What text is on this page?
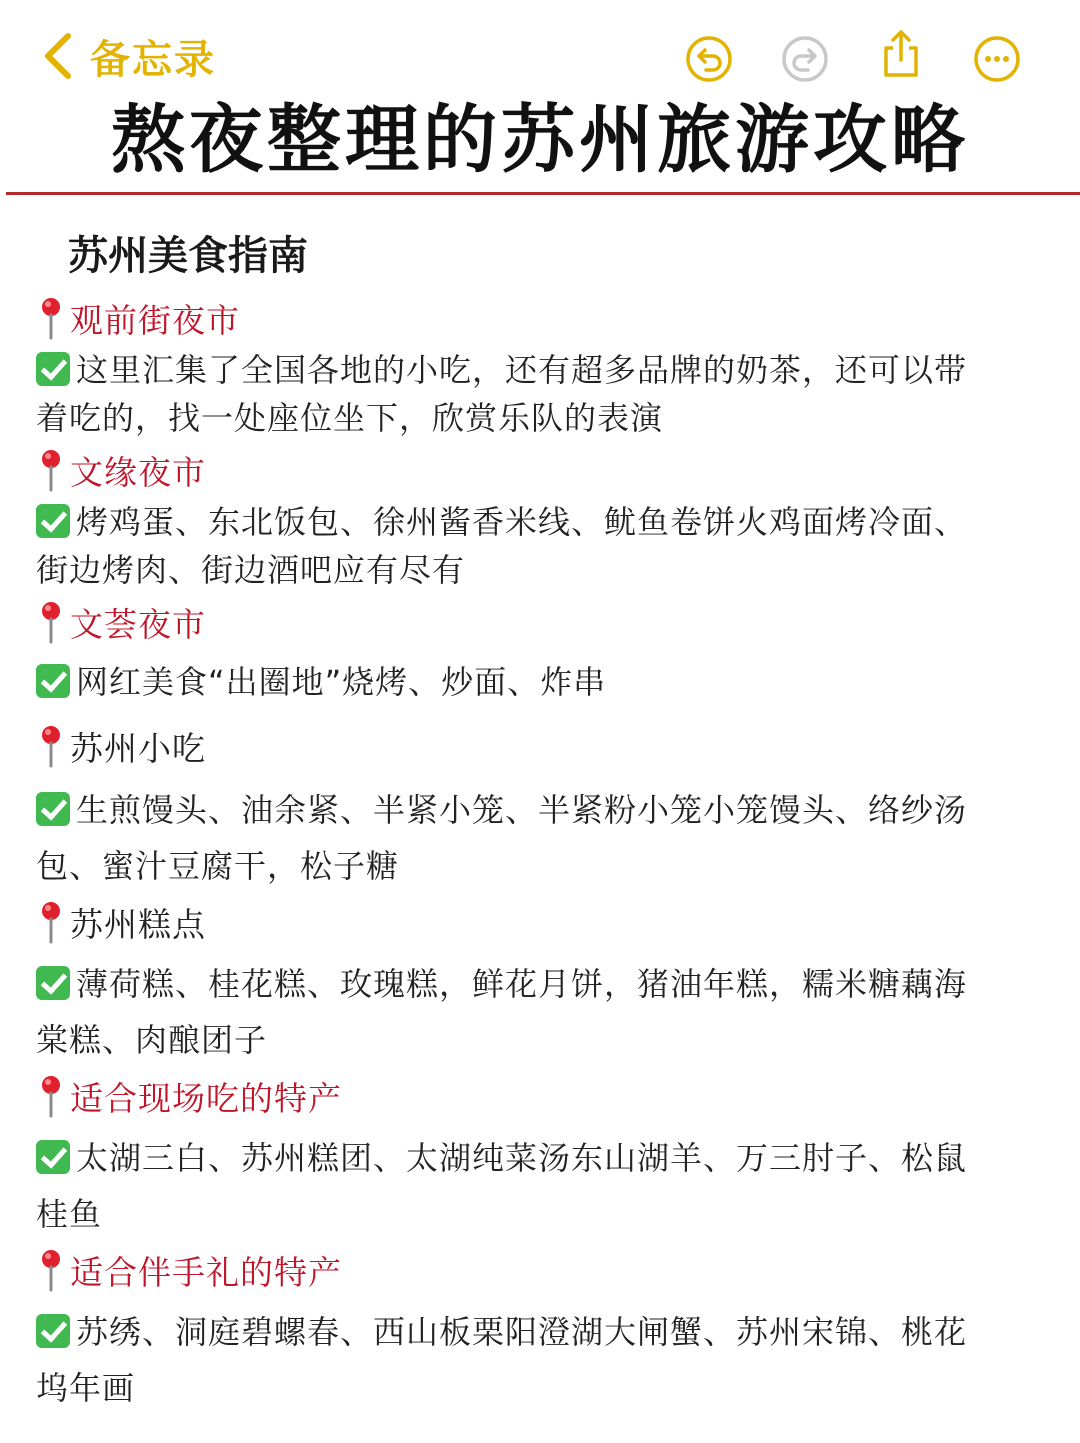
备忘录
熬夜整理的苏州旅游攻略
苏州美食指南
观前街夜市
这里汇集了全国各地的小吃，还有超多品牌的奶茶，还可以带着吃的，找一处座位坐下，欣赏乐队的表演
文缘夜市
烤鸡蛋、东北饭包、徐州酱香米线、鱿鱼卷饼火鸡面烤冷面、街边烤肉、街边酒吧应有尽有
文荟夜市
网红美食“出圈地”烧烤、炒面、炸串
苏州小吃
生煎馒头、油余紧、半紧小笼、半紧粉小笼小笼馒头、络纱汤包、蜜汁豆腐干，松子糖
苏州糕点
薄荷糕、桂花糕、玫瑰糕，鲜花月饼，猪油年糕，糯米糖藕海棠糕、肉酿团子
适合现场吃的特产
太湖三白、苏州糕团、太湖纯菜汤东山湖羊、万三肘子、松鼠桂鱼
适合伴手礼的特产
苏绣、洞庭碧螺春、西山板栗阳澄湖大闸蟹、苏州宋锦、桃花坞年画
